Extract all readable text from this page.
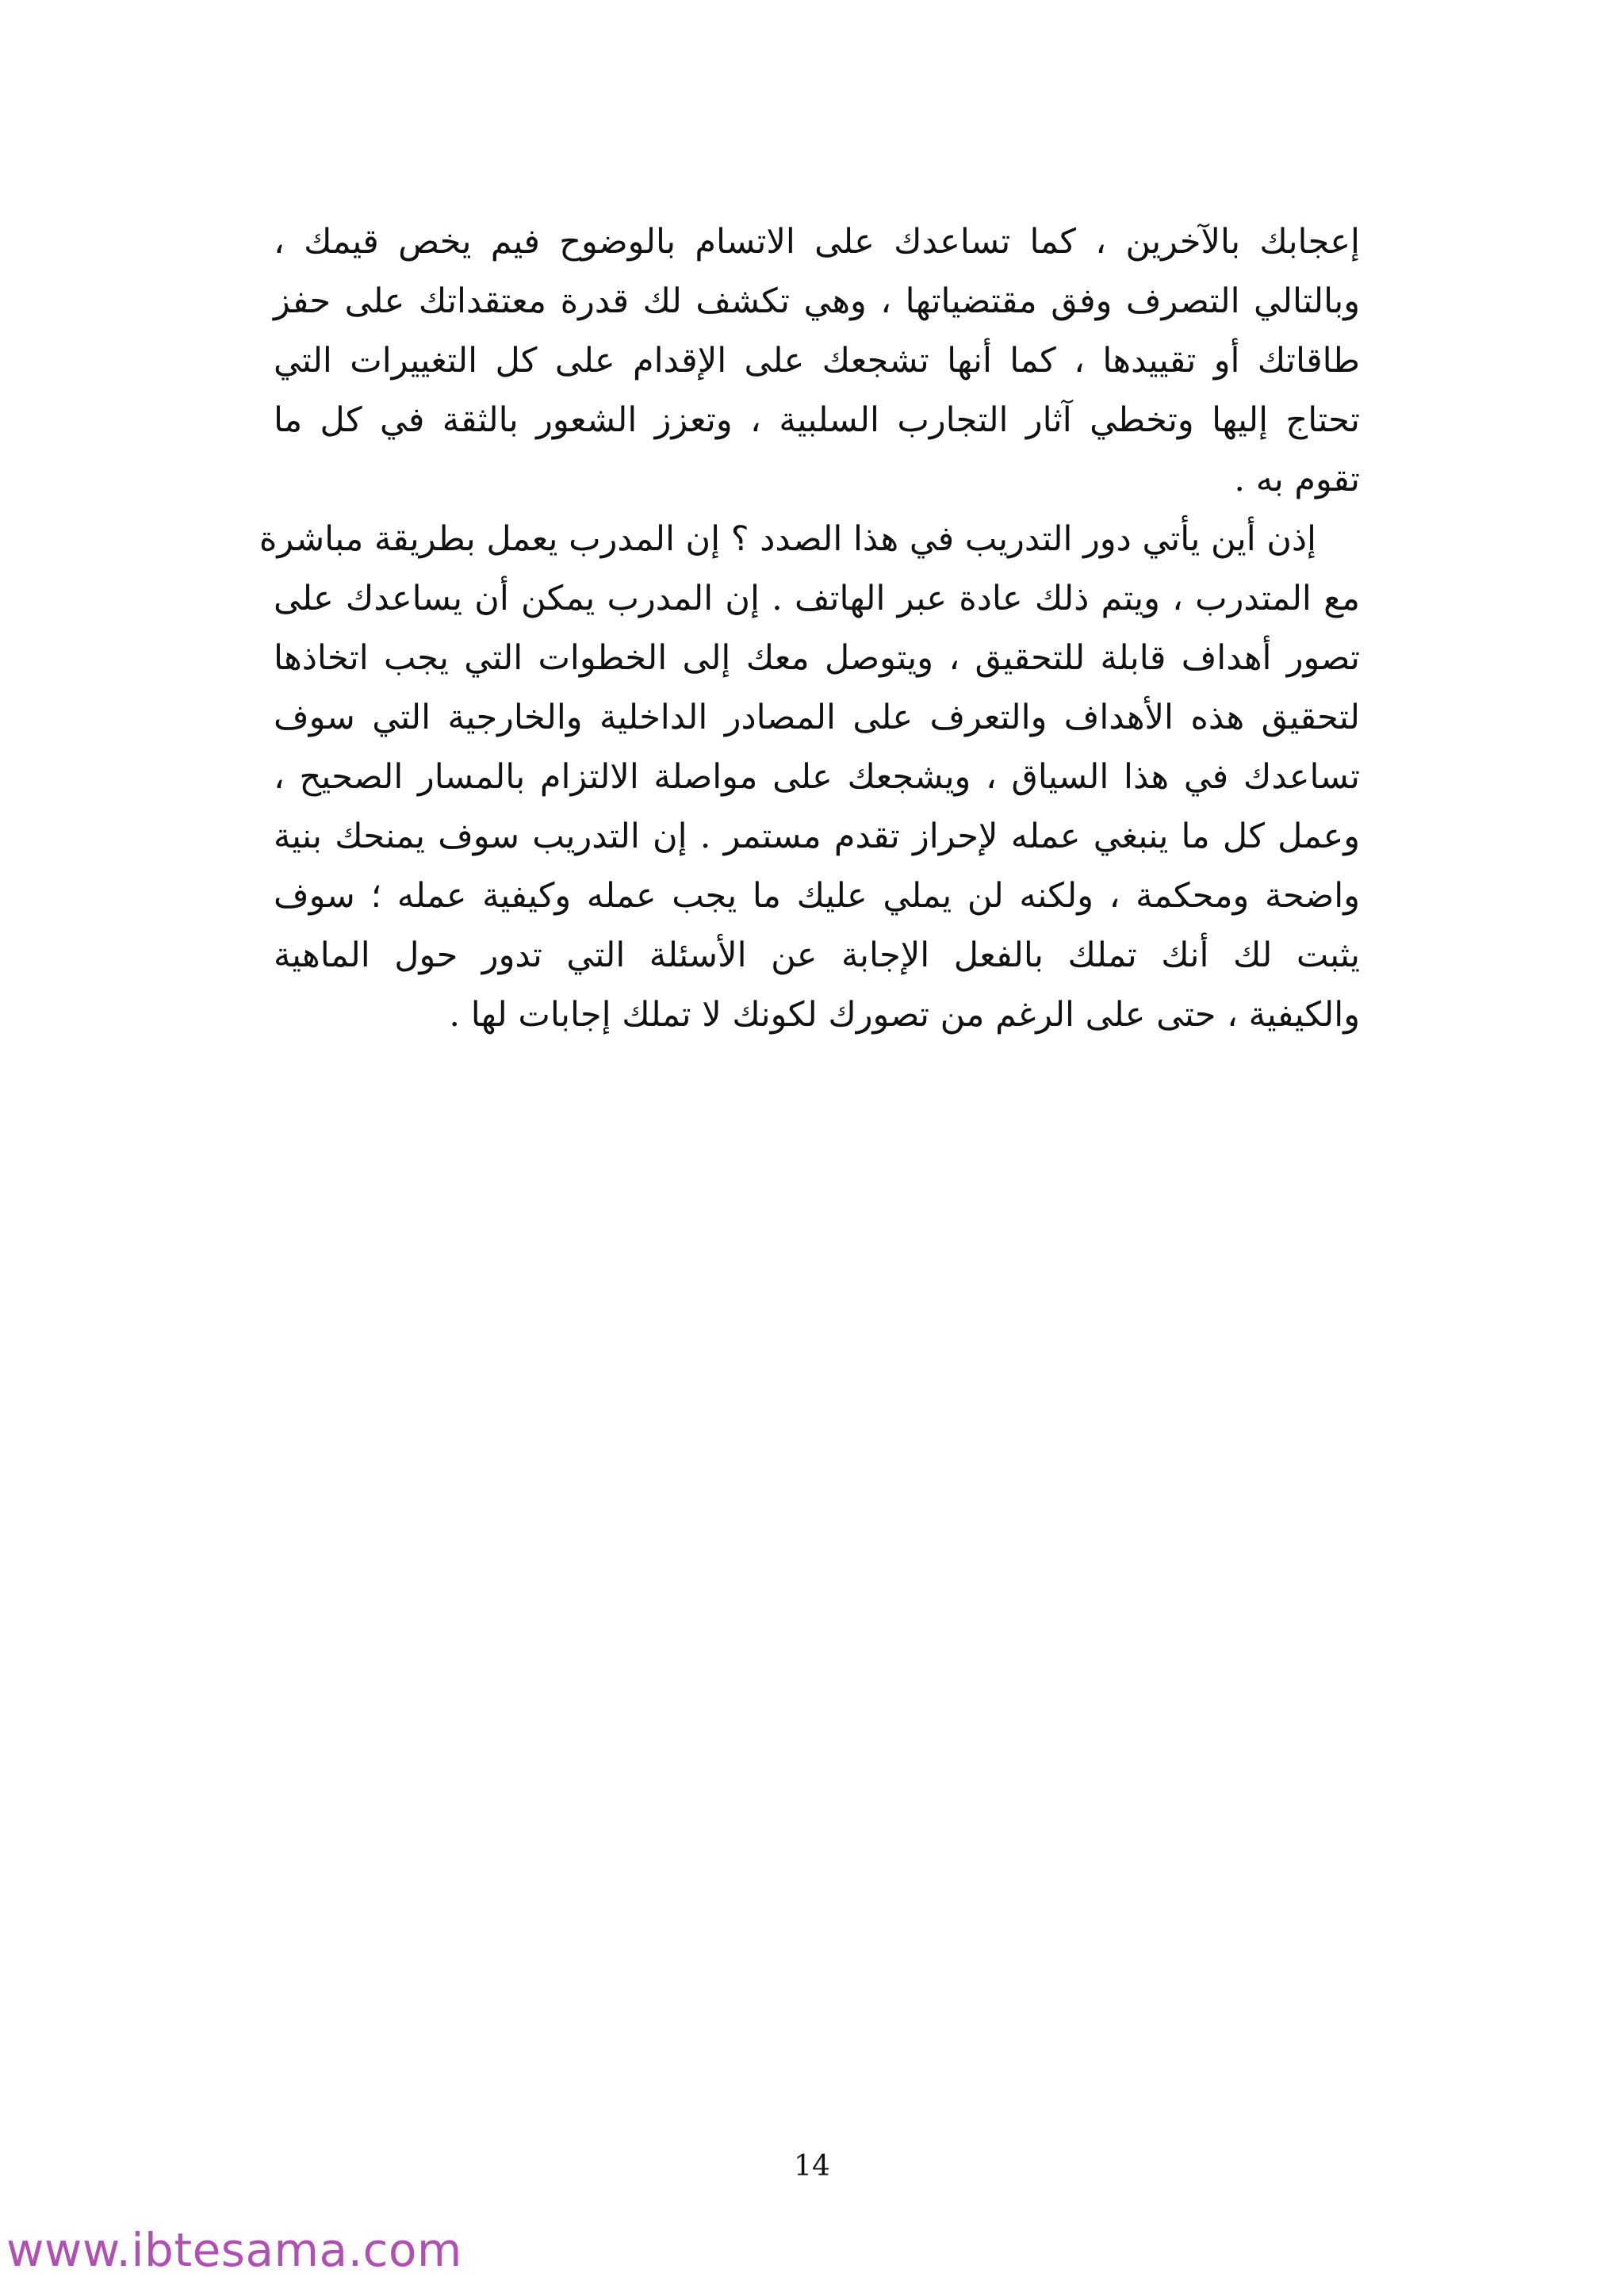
إعجابك بالآخرين ، كما تساعدك على الاتسام بالوضوح فيم يخص قيمك ،
وبالتالي التصرف وفق مقتضياتها ، وهي تكشف لك قدرة معتقداتك على حفز
طاقاتك أو تقييدها ، كما أنها تشجعك على الإقدام على كل التغييرات التي
تحتاج إليها وتخطي آثار التجارب السلبية ، وتعزز الشعور بالثقة في كل ما
تقوم به .
إذن أين يأتي دور التدريب في هذا الصدد ؟ إن المدرب يعمل بطريقة مباشرة
مع المتدرب ، ويتم ذلك عادة عبر الهاتف . إن المدرب يمكن أن يساعدك على
تصور أهداف قابلة للتحقيق ، ويتوصل معك إلى الخطوات التي يجب اتخاذها
لتحقيق هذه الأهداف والتعرف على المصادر الداخلية والخارجية التي سوف
تساعدك في هذا السياق ، ويشجعك على مواصلة الالتزام بالمسار الصحيح ،
وعمل كل ما ينبغي عمله لإحراز تقدم مستمر . إن التدريب سوف يمنحك بنية
واضحة ومحكمة ، ولكنه لن يملي عليك ما يجب عمله وكيفية عمله ؛ سوف
يثبت لك أنك تملك بالفعل الإجابة عن الأسئلة التي تدور حول الماهية
والكيفية ، حتى على الرغم من تصورك لكونك لا تملك إجابات لها .
14
www.ibtesama.com
